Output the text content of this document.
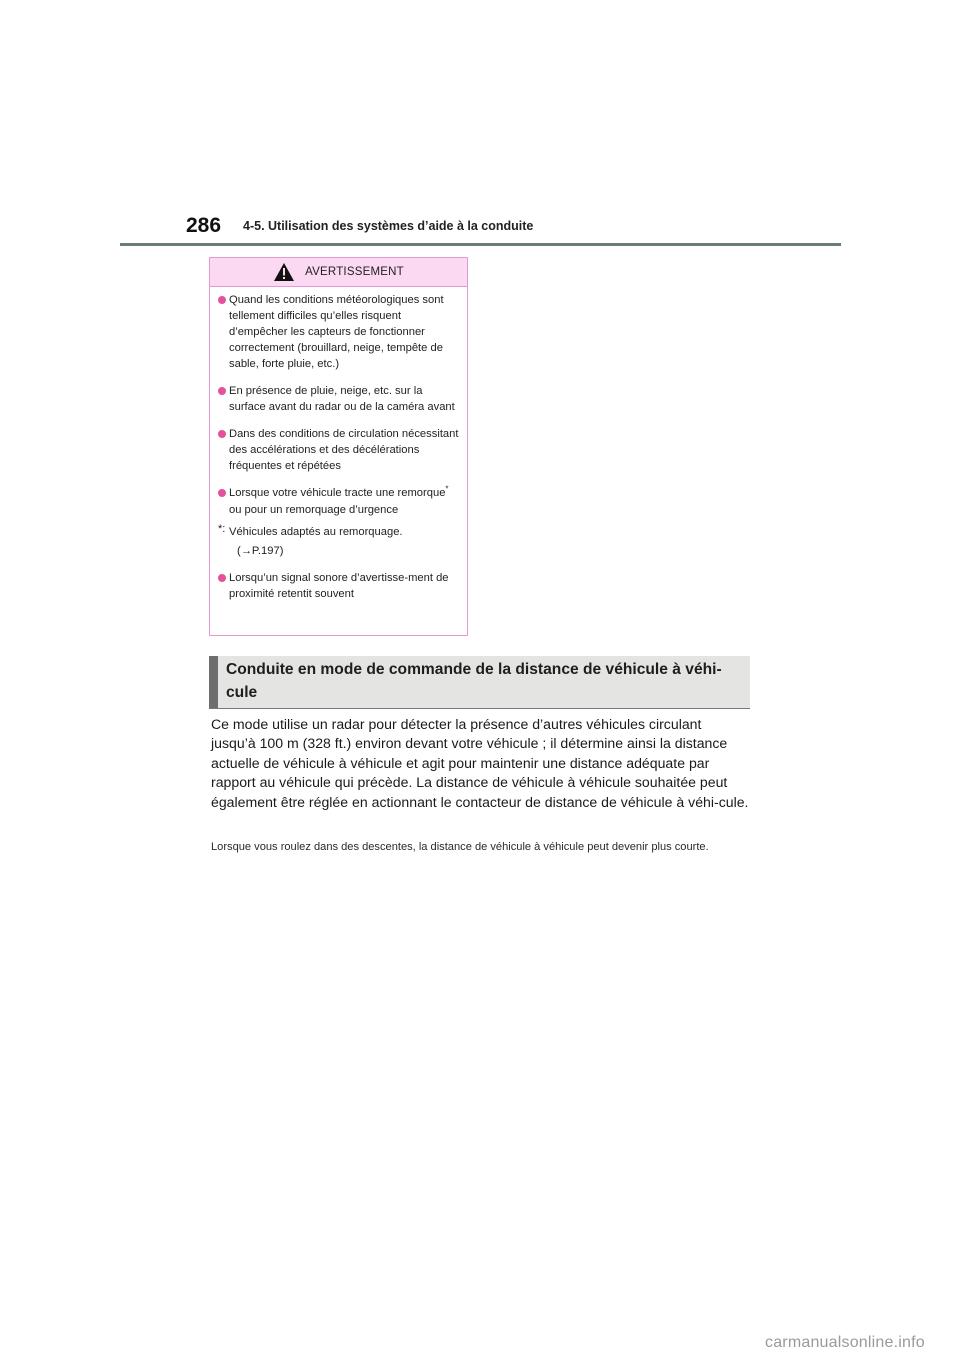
286 4-5. Utilisation des systèmes d’aide à la conduite
AVERTISSEMENT
Quand les conditions météorologiques sont tellement difficiles qu’elles risquent d’empêcher les capteurs de fonctionner correctement (brouillard, neige, tempête de sable, forte pluie, etc.)
En présence de pluie, neige, etc. sur la surface avant du radar ou de la caméra avant
Dans des conditions de circulation nécessitant des accélérations et des décélérations fréquentes et répétées
Lorsque votre véhicule tracte une remorque* ou pour un remorquage d’urgence
*: Véhicules adaptés au remorquage.
(→P.197)
Lorsqu’un signal sonore d’avertisse-ment de proximité retentit souvent
Conduite en mode de commande de la distance de véhicule à véhi-cule
Ce mode utilise un radar pour détecter la présence d’autres véhicules circulant jusqu’à 100 m (328 ft.) environ devant votre véhicule ; il détermine ainsi la distance actuelle de véhicule à véhicule et agit pour maintenir une distance adéquate par rapport au véhicule qui précède. La distance de véhicule à véhicule souhaitée peut également être réglée en actionnant le contacteur de distance de véhicule à véhi-cule.
Lorsque vous roulez dans des descentes, la distance de véhicule à véhicule peut devenir plus courte.
carmanualsonline.info
